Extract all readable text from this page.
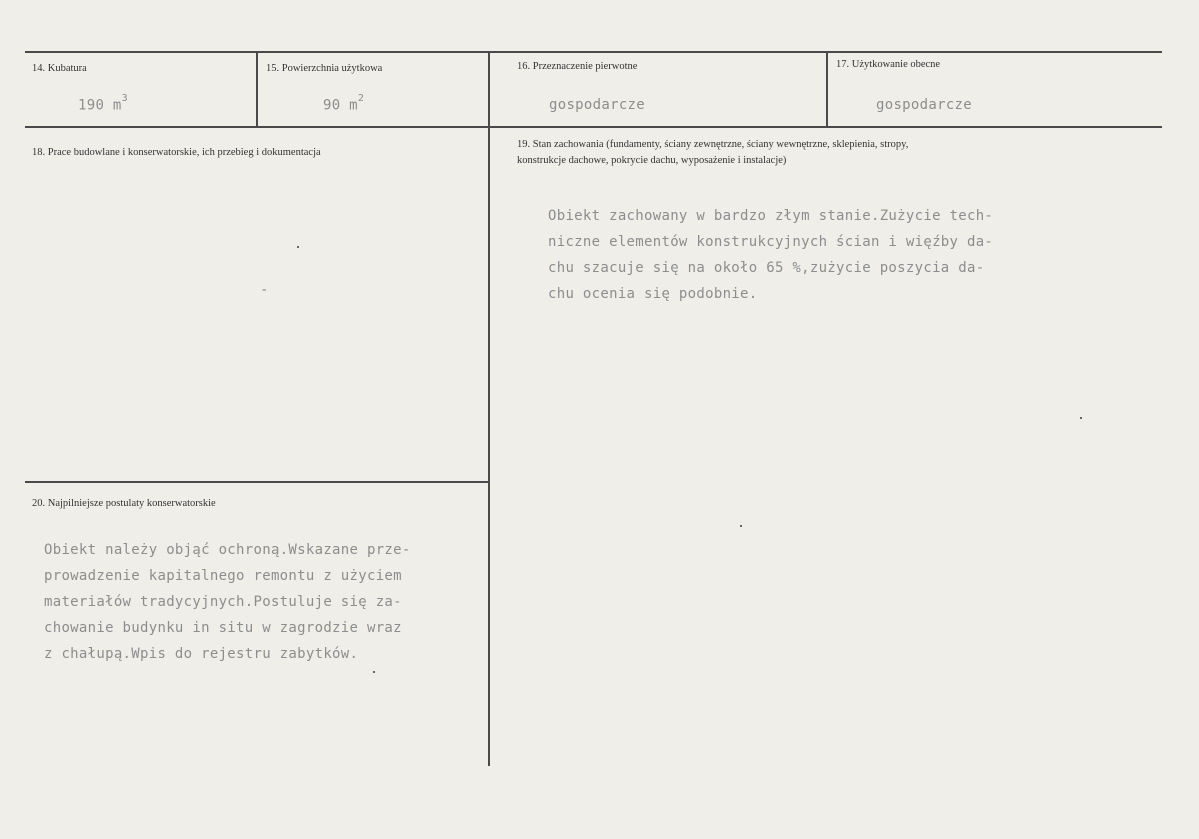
14. Kubatura
190 $m^3$
15. Powierzchnia użytkowa
90 $m^2$
16. Przeznaczenie pierwotne
gospodarcze
17. Użytkowanie obecne
gospodarcze
18. Prace budowlane i konserwatorskie, ich przebieg i dokumentacja
-
19. Stan zachowania (fundamenty, ściany zewnętrzne, ściany wewnętrzne, sklepienia, stropy,
konstrukcje dachowe, pokrycie dachu, wyposażenie i instalacje)
Obiekt zachowany w bardzo złym stanie.Zużycie tech-
niczne elementów konstrukcyjnych ścian i więźby da-
chu szacuje się na około 65 %,zużycie poszycia da-
chu ocenia się podobnie.
20. Najpilniejsze postulaty konserwatorskie
Obiekt należy objąć ochroną.Wskazane prze-
prowadzenie kapitalnego remontu z użyciem
materiałów tradycyjnych.Postuluje się za-
chowanie budynku in situ w zagrodzie wraz
z chałupą.Wpis do rejestru zabytków.
